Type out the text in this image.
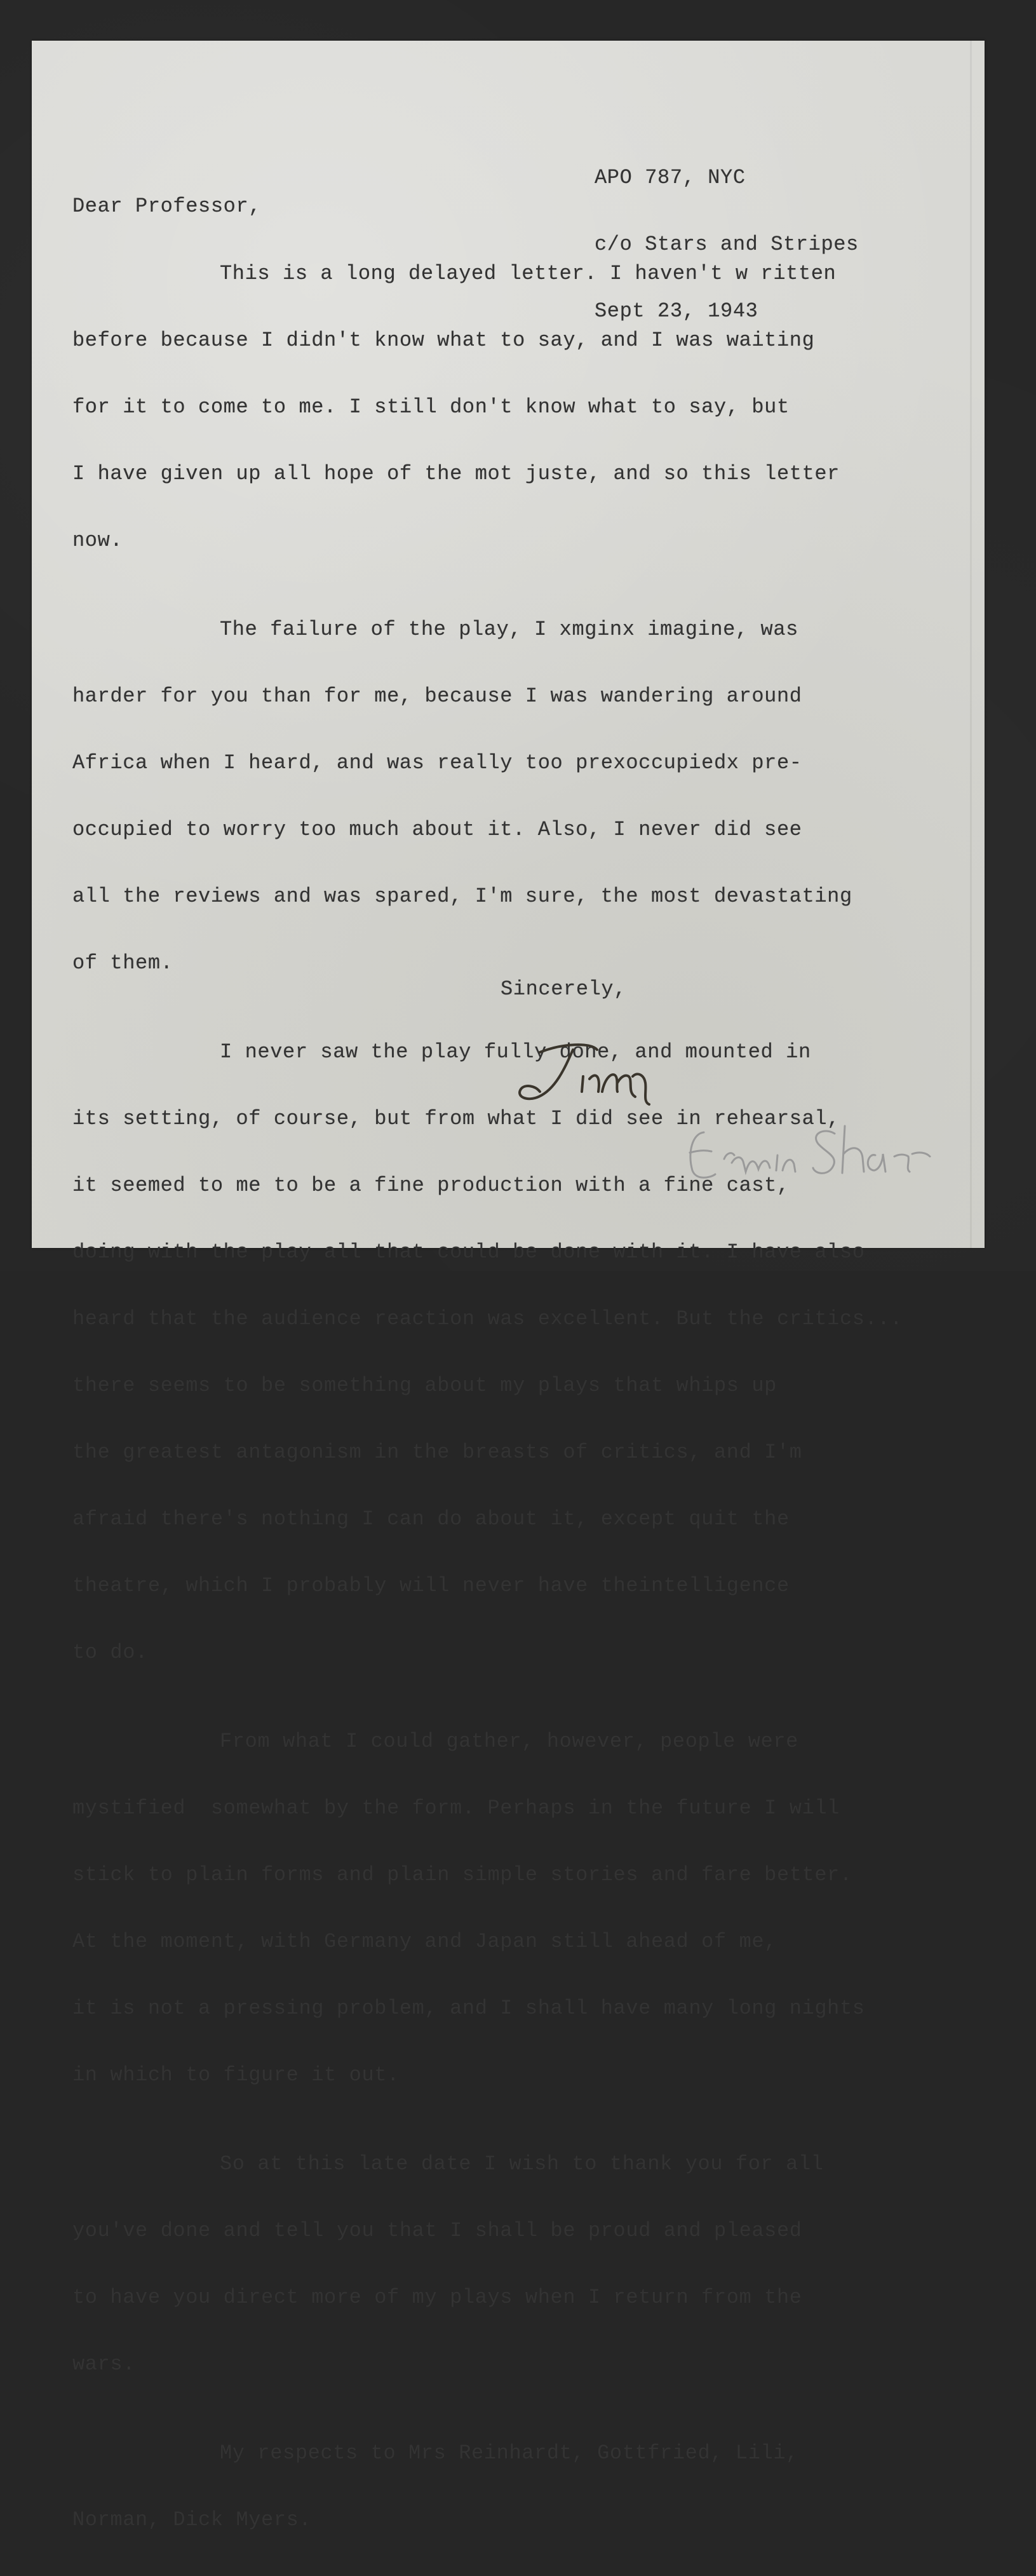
APO 787, NYC

c/o Stars and Stripes

Sept 23, 1943

Dear Professor,

This is a long delayed letter. I haven't w ritten

before because I didn't know what to say, and I was waiting

for it to come to me. I still don't know what to say, but

I have given up all hope of the mot juste, and so this letter

now.

The failure of the play, I xmginx imagine, was

harder for you than for me, because I was wandering around

Africa when I heard, and was really too prexoccupiedx pre-

occupied to worry too much about it. Also, I never did see

all the reviews and was spared, I'm sure, the most devastating

of them.

I never saw the play fully done, and mounted in

its setting, of course, but from what I did see in rehearsal,

it seemed to me to be a fine production with a fine cast,

doing with the play all that could be done with it. I have also

heard that the audience reaction was excellent. But the critics...

there seems to be something about my plays that whips up

the greatest antagonism in the breasts of critics, and I'm

afraid there's nothing I can do about it, except quit the

theatre, which I probably will never have theintelligence

to do.

From what I could gather, however, people were

mystified  somewhat by the form. Perhaps in the future I will

stick to plain forms and plain simple stories and fare better.

At the moment, with Germany and Japan still ahead of me,

it is not a pressing problem, and I shall have many long nights

in which to figure it out.

So at this late date I wish to thank you for all

you've done and tell you that I shall be proud and pleased

to have you direct more of my plays when I return from the

wars.

My respects to Mrs Reinhardt, Gottfried, Lili,

Norman, Dick Myers.

Sincerely,
